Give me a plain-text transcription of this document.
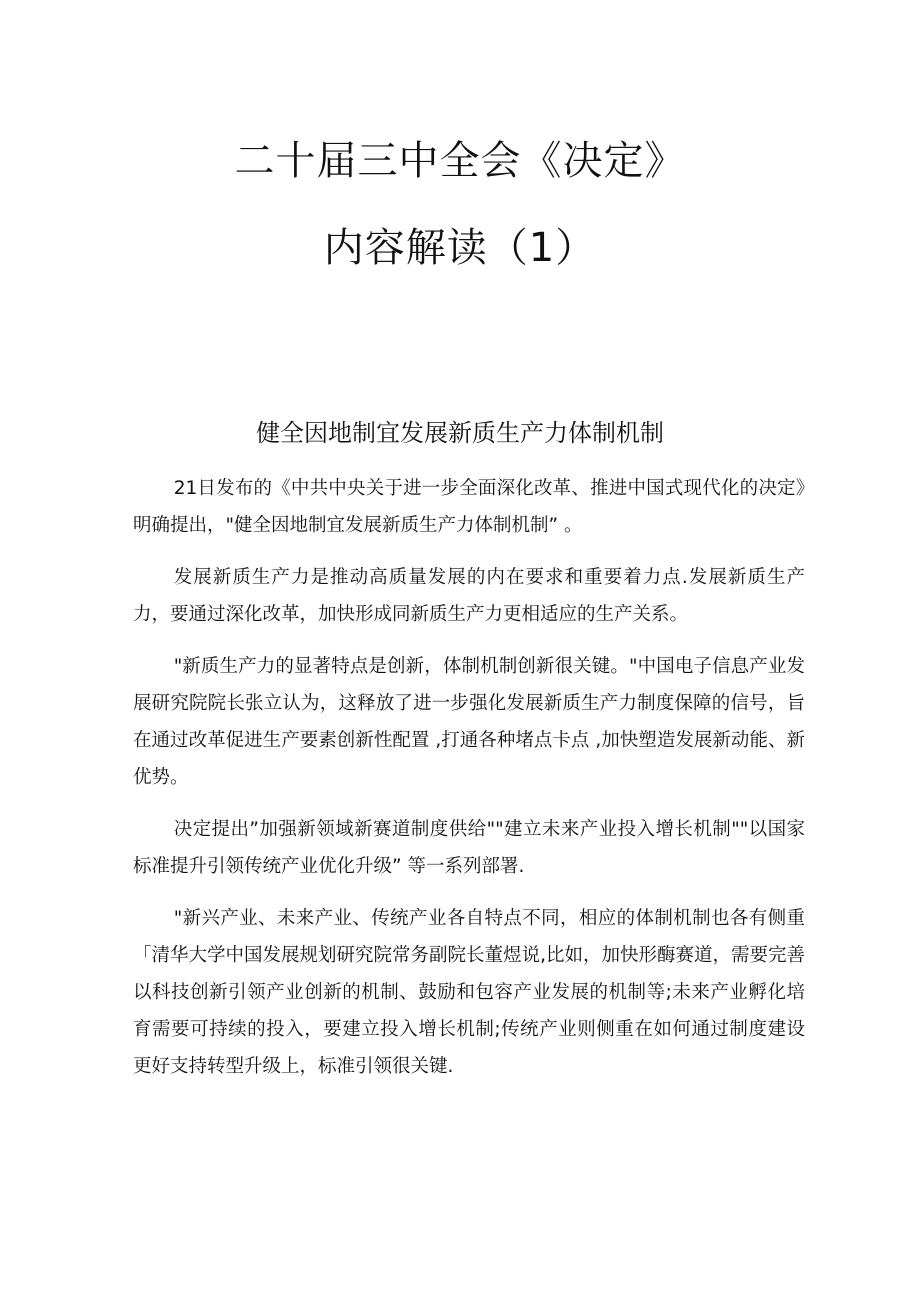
二十届三中全会《决定》
内容解读（1）
健全因地制宜发展新质生产力体制机制

21日发布的《中共中央关于进一步全面深化改革、推进中国式现代化的决定》明确提出，"健全因地制宜发展新质生产力体制机制” 。

发展新质生产力是推动高质量发展的内在要求和重要着力点.发展新质生产力，要通过深化改革，加快形成同新质生产力更相适应的生产关系。

"新质生产力的显著特点是创新，体制机制创新很关键。"中国电子信息产业发展研究院院长张立认为，这释放了进一步强化发展新质生产力制度保障的信号，旨在通过改革促进生产要素创新性配置 ,打通各种堵点卡点 ,加快塑造发展新动能、新优势。

决定提出”加强新领域新赛道制度供给""建立未来产业投入增长机制""以国家标准提升引领传统产业优化升级” 等一系列部署.

"新兴产业、未来产业、传统产业各自特点不同，相应的体制机制也各有侧重「清华大学中国发展规划研究院常务副院长董煜说,比如，加快形酶赛道，需要完善以科技创新引领产业创新的机制、鼓励和包容产业发展的机制等;未来产业孵化培育需要可持续的投入，要建立投入增长机制;传统产业则侧重在如何通过制度建设更好支持转型升级上，标准引领很关键.
